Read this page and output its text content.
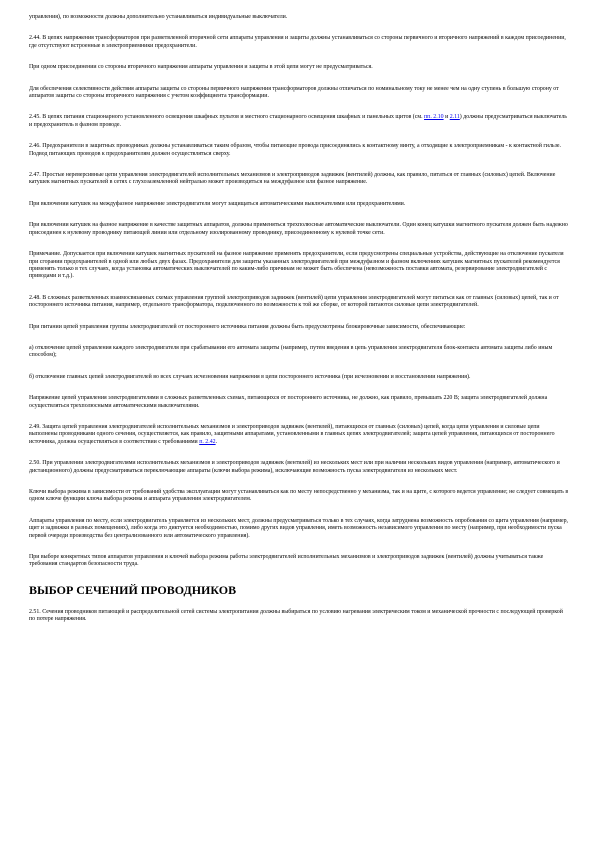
управления), по возможности должны дополнительно устанавливаться индивидуальные выключатели.

2.44. В цепях напряжения трансформаторов при разветвленной вторичной сети аппараты управления и защиты должны устанавливаться со стороны первичного и вторичного напряжений в каждом присоединении, где отсутствуют встроенные в электроприемники предохранители.

При одном присоединении со стороны вторичного напряжения аппараты управления и защиты в этой цепи могут не предусматриваться.

Для обеспечения селективности действия аппараты защиты со стороны первичного напряжения трансформаторов должны отличаться по номинальному току не менее чем на одну ступень в большую сторону от аппаратов защиты со стороны вторичного напряжения с учетом коэффициента трансформации.

2.45. В цепях питания стационарного установленного освещения шкафных пультов и местного стационарного освещения шкафных и панельных щитов (см. пп. 2.10 и 2.11) должны предусматриваться выключатель и предохранитель в фазном проводе.

2.46. Предохранители в защитных проводниках должны устанавливаться таким образом, чтобы питающие провода присоединялись к контактному винту, а отходящие к электроприемникам - к контактной гильзе. Подвод питающих проводов к предохранителям должен осуществляться сверху.

2.47. Простые нереверсивные цепи управления электродвигателей исполнительных механизмов и электроприводов задвижек (вентилей) должны, как правило, питаться от главных (силовых) цепей. Включение катушек магнитных пускателей в сетях с глухозаземленной нейтралью может производиться на междуфазное или фазное напряжение.

При включении катушек на междуфазное напряжение электродвигатели могут защищаться автоматическими выключателями или предохранителями.

При включении катушек на фазное напряжение в качестве защитных аппаратов, должны применяться трехполюсные автоматические выключатели. Один конец катушки магнитного пускателя должен быть надежно присоединен к нулевому проводнику питающей линии или отдельному изолированному проводнику, присоединенному к нулевой точке сети.

Примечание. Допускается при включении катушек магнитных пускателей на фазное напряжение применять предохранители, если предусмотрены специальные устройства, действующие на отключение пускателя при сгорании предохранителей в одной или любых двух фазах. Предохранители для защиты указанных электродвигателей при междуфазном и фазном включениях катушек магнитных пускателей рекомендуется применять только в тех случаях, когда установка автоматических выключателей по каким-либо причинам не может быть обеспечена (невозможность поставки автомата, резервирование электродвигателей с приводами и т.д.).

2.48. В сложных разветвленных взаимосвязанных схемах управления группой электроприводов задвижек (вентилей) цепи управления электродвигателей могут питаться как от главных (силовых) цепей, так и от постороннего источника питания, например, отдельного трансформатора, подключенного по возможности к той же сборке, от которой питаются силовые цепи электродвигателей.

При питании цепей управления группы электродвигателей от постороннего источника питания должны быть предусмотрены блокировочные зависимости, обеспечивающие:

а) отключение цепей управления каждого электродвигателя при срабатывании его автомата защиты (например, путем введения в цепь управления электродвигателя блок-контакта автомата защиты либо иным способом);

б) отключение главных цепей электродвигателей во всех случаях исчезновения напряжения в цепи постороннего источника (при исчезновении и восстановлении напряжения).

Напряжение цепей управления электродвигателями в сложных разветвленных схемах, питающихся от постороннего источника, не должно, как правило, превышать 220 В; защита электродвигателей должна осуществляться трехполюсными автоматическими выключателями.

2.49. Защита цепей управления электродвигателей исполнительных механизмов и электроприводов задвижек (вентилей), питающихся от главных (силовых) цепей, когда цепи управления и силовые цепи выполнены проводниками одного сечения, осуществляется, как правило, защитными аппаратами, установленными в главных цепях электродвигателей; защита цепей управления, питающихся от постороннего источника, должна осуществляться в соответствии с требованиями п. 2.42.

2.50. При управлении электродвигателями исполнительных механизмов и электроприводов задвижек (вентилей) из нескольких мест или при наличии нескольких видов управления (например, автоматического и дистанционного) должны предусматриваться переключающие аппараты (ключи выбора режима), исключающие возможность пуска электродвигателя из нескольких мест.

Ключи выбора режима в зависимости от требований удобства эксплуатации могут устанавливаться как по месту непосредственно у механизма, так и на щите, с которого ведется управление; не следует совмещать в одном ключе функции ключа выбора режима и аппарата управления электродвигателем.

Аппараты управления по месту, если электродвигатель управляется из нескольких мест, должны предусматриваться только в тех случаях, когда затруднена возможность опробования со щита управления (например, щит и задвижки в разных помещениях), либо когда это диктуется необходимостью, помимо других видов управления, иметь возможность независимого управления по месту (например, при необходимости пуска первой очереди производства без централизованного или автоматического управления).

При выборе конкретных типов аппаратов управления и ключей выбора режима работы электродвигателей исполнительных механизмов и электроприводов задвижек (вентилей) должны учитываться также требования стандартов безопасности труда.

ВЫБОР СЕЧЕНИЙ ПРОВОДНИКОВ

2.51. Сечения проводников питающей и распределительной сетей системы электропитания должны выбираться по условию нагревания электрическим током и механической прочности с последующей проверкой по потере напряжения.
